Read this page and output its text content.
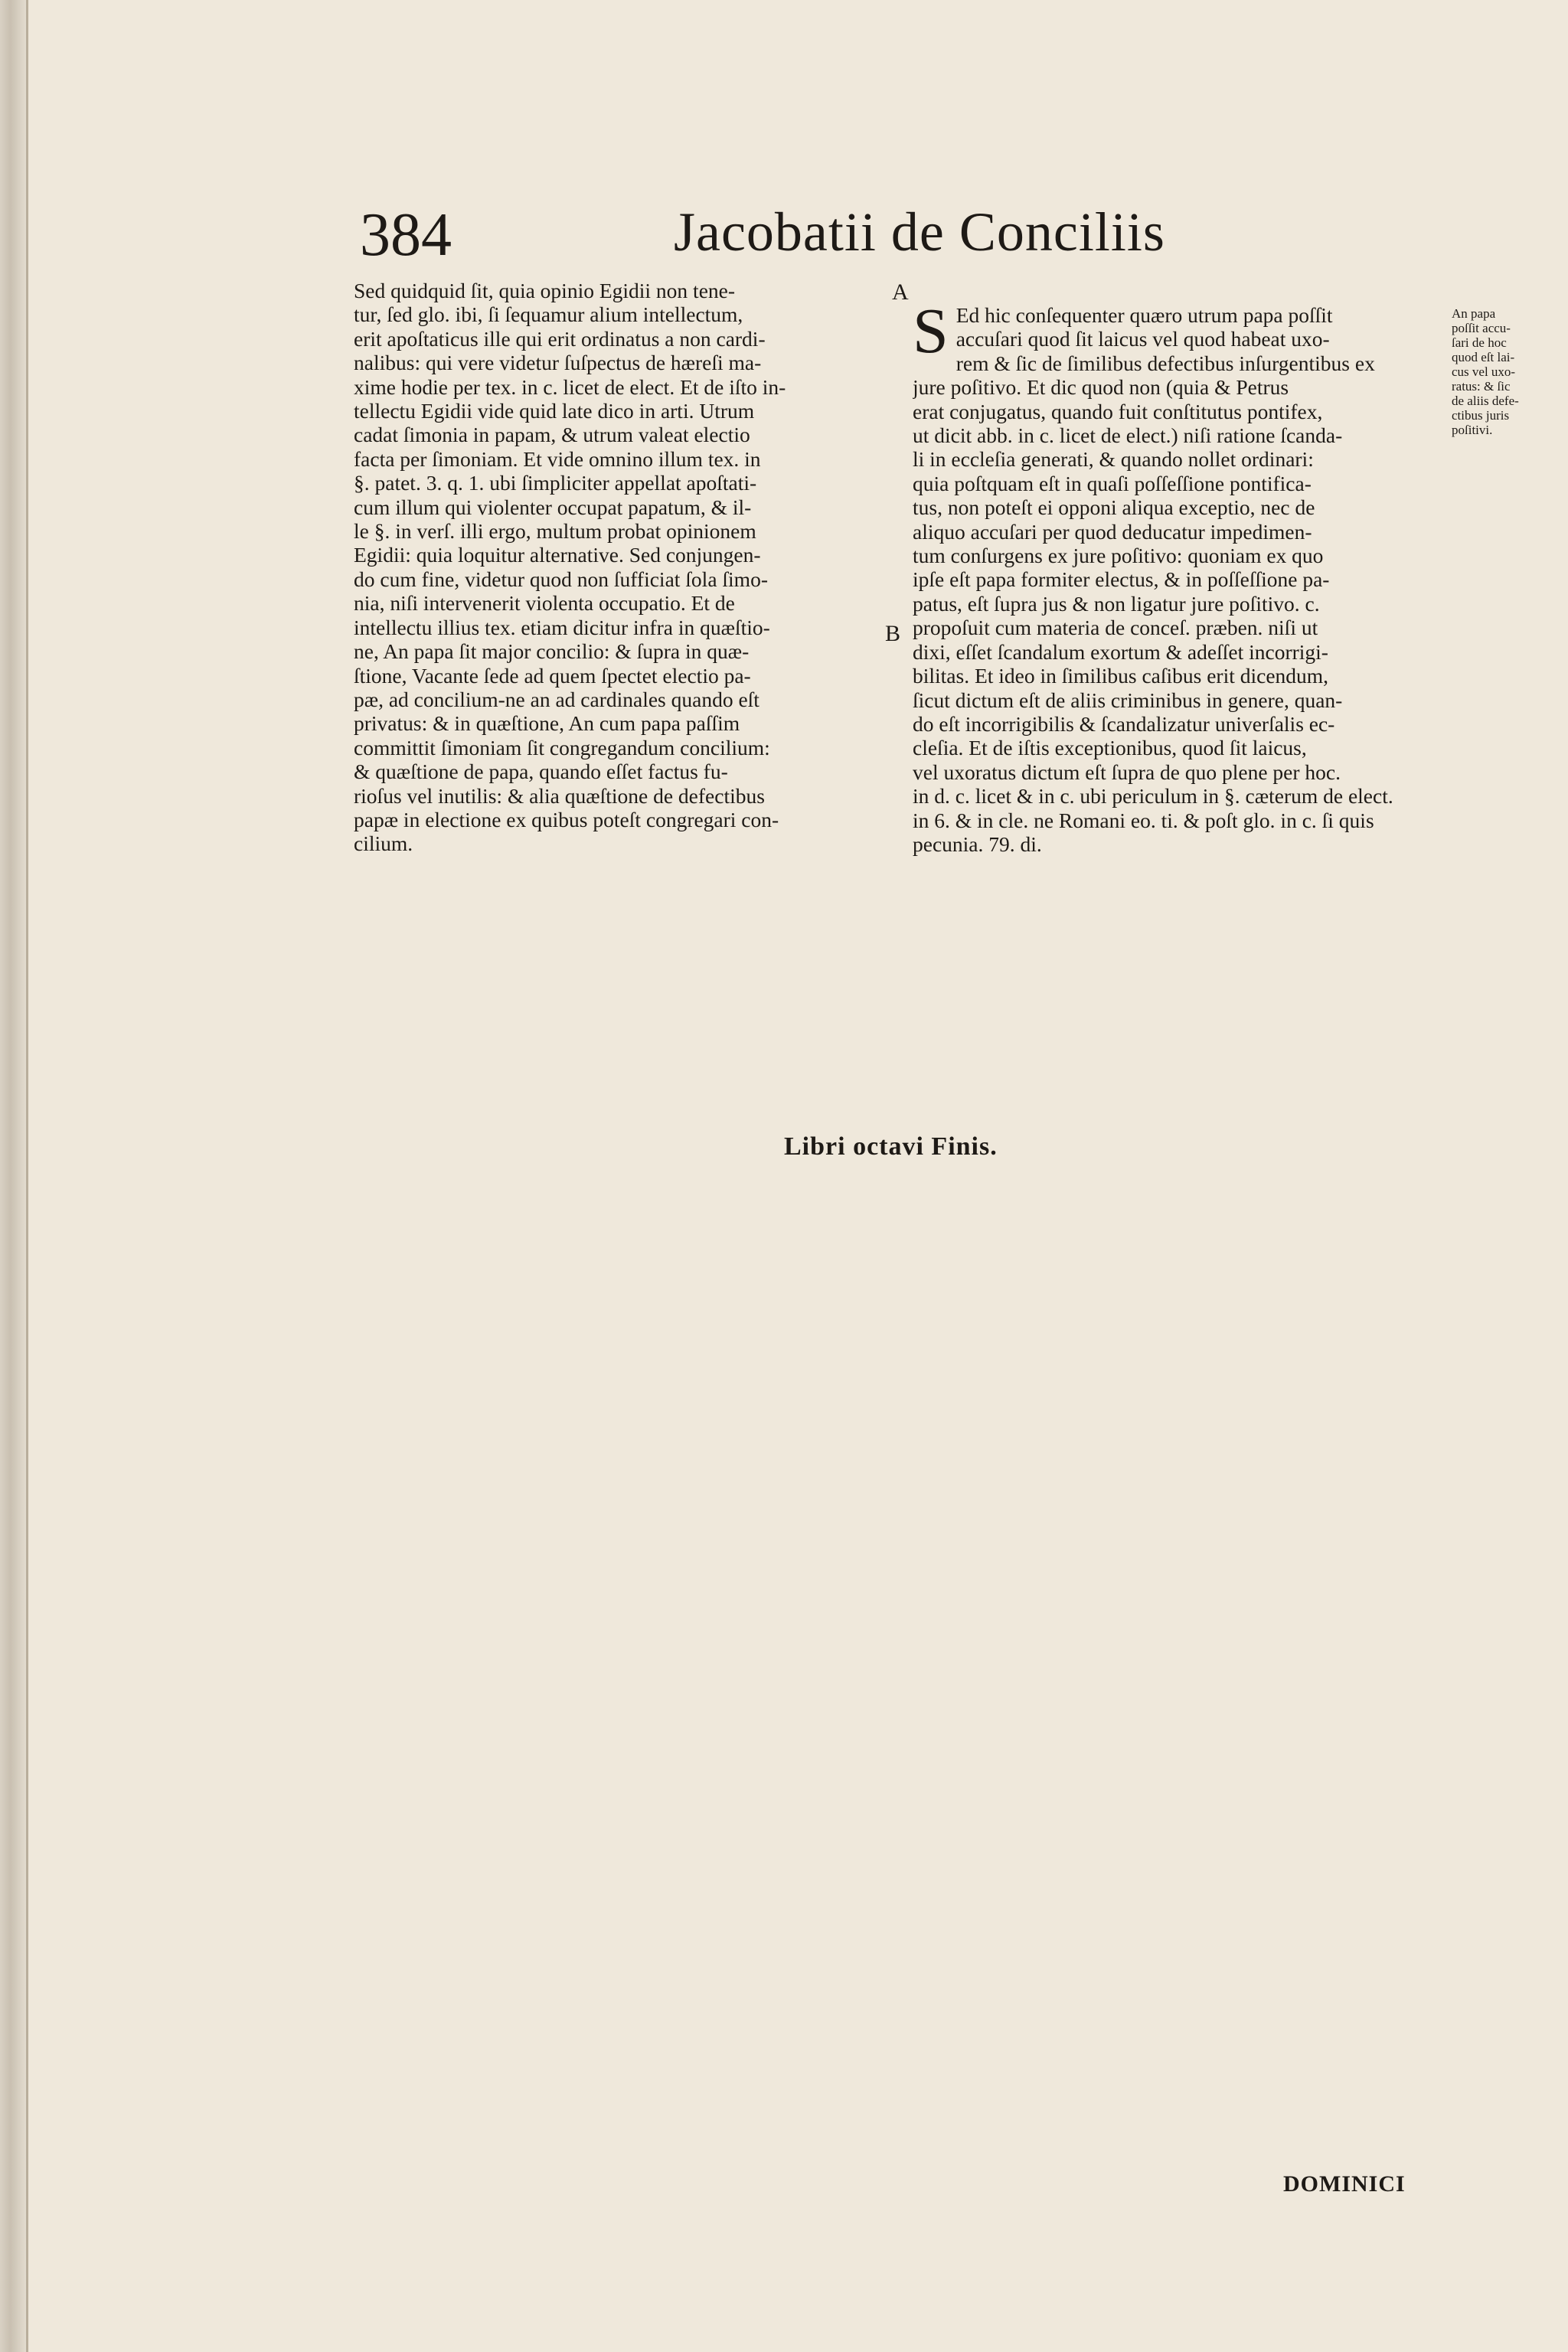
384	Jacobatii de Conciliis
A
B
Sed quidquid ſit, quia opinio Egidii non tene-
tur, ſed glo. ibi, ſi ſequamur alium intellectum,
erit apoſtaticus ille qui erit ordinatus a non cardi-
nalibus: qui vere videtur ſuſpectus de hæreſi ma-
xime hodie per tex. in c. licet de elect. Et de iſto in-
tellectu Egidii vide quid late dico in arti. Utrum
cadat ſimonia in papam, & utrum valeat electio
facta per ſimoniam. Et vide omnino illum tex. in
§. patet. 3. q. 1. ubi ſimpliciter appellat apoſtati-
cum illum qui violenter occupat papatum, & il-
le §. in verſ. illi ergo, multum probat opinionem
Egidii: quia loquitur alternative. Sed conjungen-
do cum fine, videtur quod non ſufficiat ſola ſimo-
nia, niſi intervenerit violenta occupatio. Et de
intellectu illius tex. etiam dicitur infra in quæſtio-
ne, An papa ſit major concilio: & ſupra in quæ-
ſtione, Vacante ſede ad quem ſpectet electio pa-
pæ, ad concilium-ne an ad cardinales quando eſt
privatus: & in quæſtione, An cum papa paſſim
committit ſimoniam ſit congregandum concilium:
& quæſtione de papa, quando eſſet factus fu-
rioſus vel inutilis: & alia quæſtione de defectibus
papæ in electione ex quibus poteſt congregari con-
cilium.
S Ed hic conſequenter quæro utrum papa poſſit
accuſari quod ſit laicus vel quod habeat uxo-
rem & ſic de ſimilibus defectibus inſurgentibus ex
jure poſitivo. Et dic quod non (quia & Petrus
erat conjugatus, quando fuit conſtitutus pontifex,
ut dicit abb. in c. licet de elect.) niſi ratione ſcanda-
li in eccleſia generati, & quando nollet ordinari:
quia poſtquam eſt in quaſi poſſeſſione pontifica-
tus, non poteſt ei opponi aliqua exceptio, nec de
aliquo accuſari per quod deducatur impedimen-
tum conſurgens ex jure poſitivo: quoniam ex quo
ipſe eſt papa formiter electus, & in poſſeſſione pa-
patus, eſt ſupra jus & non ligatur jure poſitivo. c.
propoſuit cum materia de conceſ. præben. niſi ut
dixi, eſſet ſcandalum exortum & adeſſet incorrigi-
bilitas. Et ideo in ſimilibus caſibus erit dicendum,
ſicut dictum eſt de aliis criminibus in genere, quan-
do eſt incorrigibilis & ſcandalizatur univerſalis ec-
cleſia. Et de iſtis exceptionibus, quod ſit laicus,
vel uxoratus dictum eſt ſupra de quo plene per hoc.
in d. c. licet & in c. ubi periculum in §. cæterum de elect.
in 6. & in cle. ne Romani eo. ti. & poſt glo. in c. ſi quis
pecunia. 79. di.
An papa
poſſit accu-
ſari de hoc
quod eſt lai-
cus vel uxo-
ratus: & ſic
de aliis defe-
ctibus juris
poſitivi.
Libri octavi Finis.
DOMINICI
